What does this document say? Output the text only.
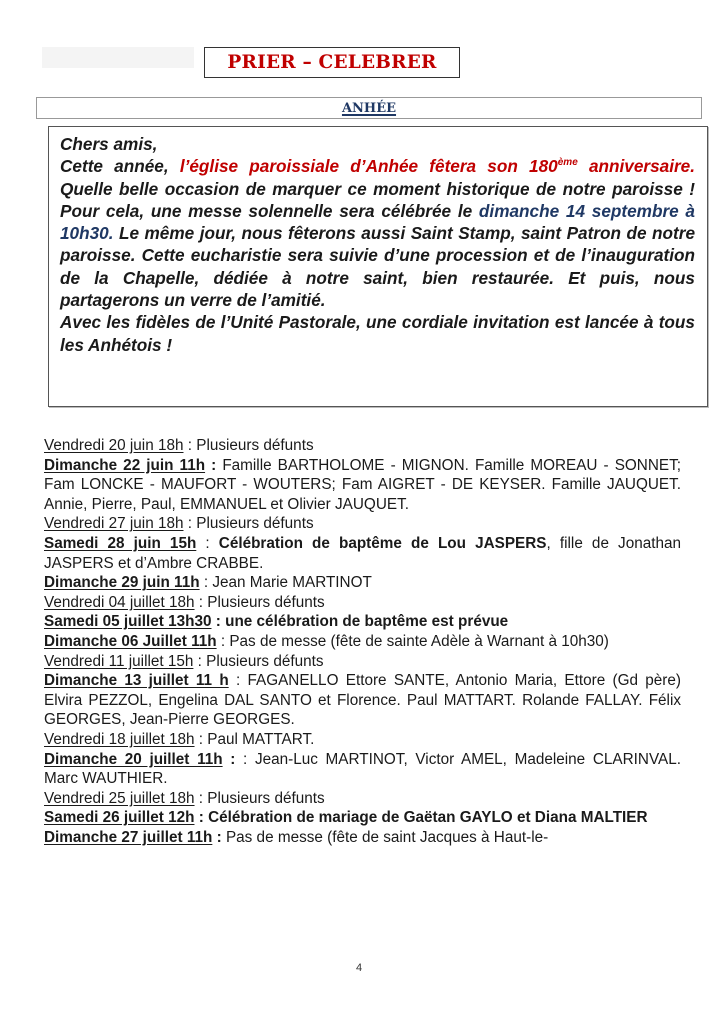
PRIER – CELEBRER
ANHÉE

Chers amis,

Cette année, l’église paroissiale d’Anhée fêtera son 180ème anniversaire. Quelle belle occasion de marquer ce moment historique de notre paroisse ! Pour cela, une messe solennelle sera célébrée le dimanche 14 septembre à 10h30. Le même jour, nous fêterons aussi Saint Stamp, saint Patron de notre paroisse. Cette eucharistie sera suivie d’une procession et de l’inauguration de la Chapelle, dédiée à notre saint, bien restaurée. Et puis, nous partagerons un verre de l’amitié.

Avec les fidèles de l’Unité Pastorale, une cordiale invitation est lancée à tous les Anhétois !

Vendredi 20 juin 18h : Plusieurs défunts

Dimanche 22 juin 11h : Famille BARTHOLOME - MIGNON. Famille MOREAU - SONNET; Fam LONCKE - MAUFORT - WOUTERS; Fam AIGRET - DE KEYSER. Famille JAUQUET. Annie, Pierre, Paul, EMMANUEL et Olivier JAUQUET.

Vendredi 27 juin 18h : Plusieurs défunts

Samedi 28 juin 15h : Célébration de baptême de Lou JASPERS, fille de Jonathan JASPERS et d’Ambre CRABBE.

Dimanche 29 juin 11h : Jean Marie MARTINOT

Vendredi 04 juillet 18h : Plusieurs défunts

Samedi 05 juillet 13h30 : une célébration de baptême est prévue

Dimanche 06 Juillet 11h : Pas de messe (fête de sainte Adèle à Warnant à 10h30)

Vendredi 11 juillet 15h : Plusieurs défunts

Dimanche 13 juillet 11 h : FAGANELLO Ettore SANTE, Antonio Maria, Ettore (Gd père) Elvira PEZZOL, Engelina DAL SANTO et Florence. Paul MATTART. Rolande FALLAY. Félix GEORGES, Jean-Pierre GEORGES.

Vendredi 18 juillet 18h : Paul MATTART.

Dimanche 20 juillet 11h : : Jean-Luc MARTINOT, Victor AMEL, Madeleine CLARINVAL. Marc WAUTHIER.

Vendredi 25 juillet 18h : Plusieurs défunts

Samedi 26 juillet 12h : Célébration de mariage de Gaëtan GAYLO et Diana MALTIER

Dimanche 27 juillet 11h : Pas de messe (fête de saint Jacques à Haut-le-

4
